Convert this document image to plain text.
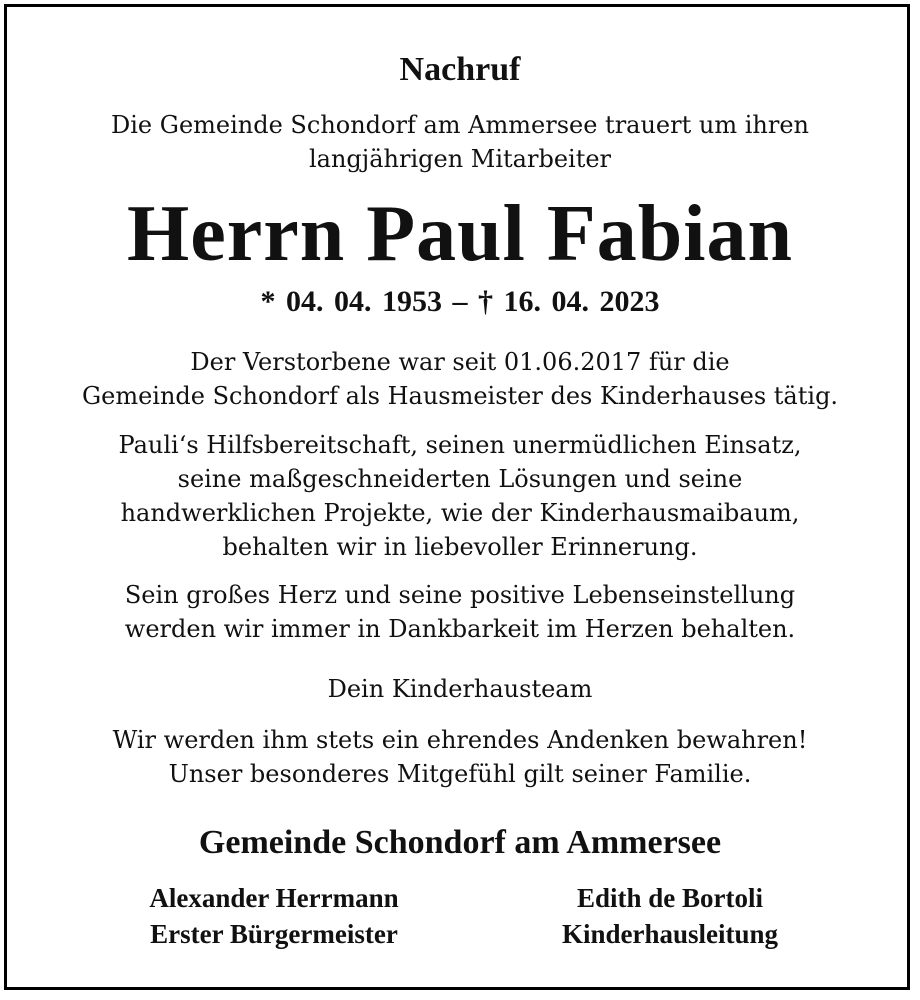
Nachruf
Die Gemeinde Schondorf am Ammersee trauert um ihren
langjährigen Mitarbeiter
Herrn Paul Fabian
* 04. 04. 1953 – † 16. 04. 2023
Der Verstorbene war seit 01.06.2017 für die
Gemeinde Schondorf als Hausmeister des Kinderhauses tätig.
Pauli‘s Hilfsbereitschaft, seinen unermüdlichen Einsatz,
seine maßgeschneiderten Lösungen und seine
handwerklichen Projekte, wie der Kinderhausmaibaum,
behalten wir in liebevoller Erinnerung.
Sein großes Herz und seine positive Lebenseinstellung
werden wir immer in Dankbarkeit im Herzen behalten.
Dein Kinderhausteam
Wir werden ihm stets ein ehrendes Andenken bewahren!
Unser besonderes Mitgefühl gilt seiner Familie.
Gemeinde Schondorf am Ammersee
Alexander Herrmann
Erster Bürgermeister
Edith de Bortoli
Kinderhausleitung
